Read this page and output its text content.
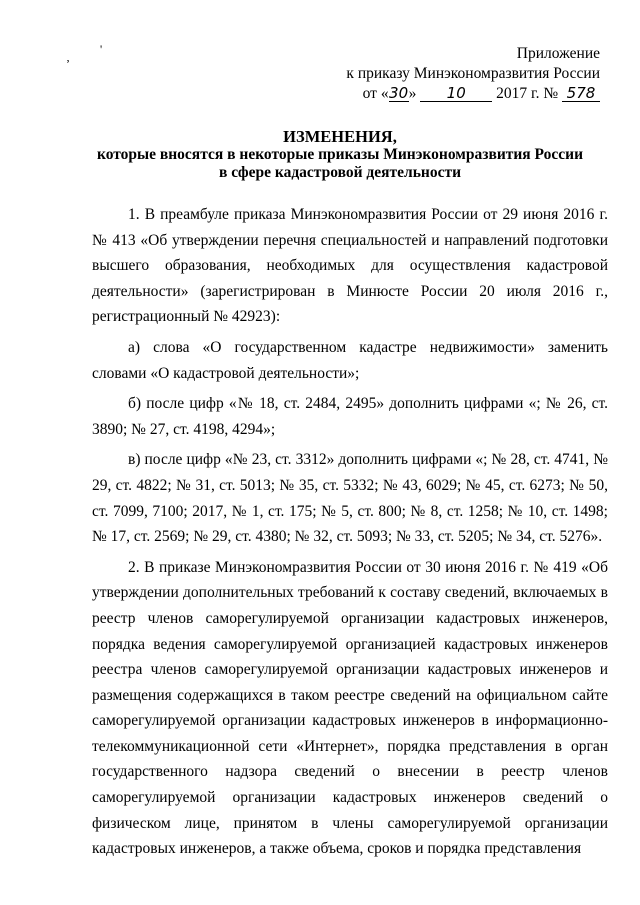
‚
'	Приложение
к приказу Минэкономразвития России
от «30» 10 2017 г. № 578
ИЗМЕНЕНИЯ,
которые вносятся в некоторые приказы Минэкономразвития России
в сфере кадастровой деятельности

1. В преамбуле приказа Минэкономразвития России от 29 июня 2016 г. № 413 «Об утверждении перечня специальностей и направлений подготовки высшего образования, необходимых для осуществления кадастровой деятельности» (зарегистрирован в Минюсте России 20 июля 2016 г., регистрационный № 42923):

а) слова «О государственном кадастре недвижимости» заменить словами «О кадастровой деятельности»;

б) после цифр «№ 18, ст. 2484, 2495» дополнить цифрами «; № 26, ст. 3890; № 27, ст. 4198, 4294»;

в) после цифр «№ 23, ст. 3312» дополнить цифрами «; № 28, ст. 4741, № 29, ст. 4822; № 31, ст. 5013; № 35, ст. 5332; № 43, 6029; № 45, ст. 6273; № 50, ст. 7099, 7100; 2017, № 1, ст. 175; № 5, ст. 800; № 8, ст. 1258; № 10, ст. 1498; № 17, ст. 2569; № 29, ст. 4380; № 32, ст. 5093; № 33, ст. 5205; № 34, ст. 5276».

2. В приказе Минэкономразвития России от 30 июня 2016 г. № 419 «Об утверждении дополнительных требований к составу сведений, включаемых в реестр членов саморегулируемой организации кадастровых инженеров, порядка ведения саморегулируемой организацией кадастровых инженеров реестра членов саморегулируемой организации кадастровых инженеров и размещения содержащихся в таком реестре сведений на официальном сайте саморегулируемой организации кадастровых инженеров в информационно-телекоммуникационной сети «Интернет», порядка представления в орган государственного надзора сведений о внесении в реестр членов саморегулируемой организации кадастровых инженеров сведений о физическом лице, принятом в члены саморегулируемой организации кадастровых инженеров, а также объема, сроков и порядка представления
